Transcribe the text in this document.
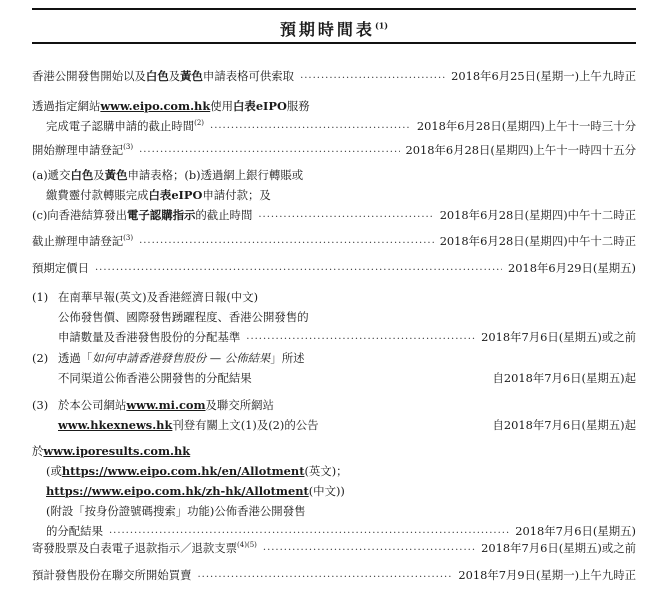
預期時間表$^{(1)}$
香港公開發售開始以及白色及黃色申請表格可供索取 .....	2018年6月25日(星期一)上午九時正
透過指定網站www.eipo.com.hk使用白表eIPO服務
完成電子認購申請的截止時間$^{(2)}$ .....	2018年6月28日(星期四)上午十一時三十分
開始辦理申請登記$^{(3)}$ .....	2018年6月28日(星期四)上午十一時四十五分
(a)遞交白色及黃色申請表格；(b)透過網上銀行轉賬或
繳費靈付款轉賬完成白表eIPO申請付款；及
(c)向香港結算發出電子認購指示的截止時間 .....	2018年6月28日(星期四)中午十二時正
截止辦理申請登記$^{(3)}$ .....	2018年6月28日(星期四)中午十二時正
預期定價日 .....	2018年6月29日(星期五)
(1) 在南華早報(英文)及香港經濟日報(中文)
公佈發售價、國際發售踴躍程度、香港公開發售的
申請數量及香港發售股份的分配基準 .....	2018年7月6日(星期五)或之前
(2) 透過「如何申請香港發售股份 — 公佈結果」所述
不同渠道公佈香港公開發售的分配結果	自2018年7月6日(星期五)起
(3) 於本公司網站www.mi.com及聯交所網站
www.hkexnews.hk刊登有關上文(1)及(2)的公告	自2018年7月6日(星期五)起
於www.iporesults.com.hk
(或https://www.eipo.com.hk/en/Allotment(英文)；
https://www.eipo.com.hk/zh-hk/Allotment(中文))
(附設「按身份證號碼搜索」功能)公佈香港公開發售
的分配結果 .....	2018年7月6日(星期五)
寄發股票及白表電子退款指示／退款支票$^{(4)(5)}$ .....	2018年7月6日(星期五)或之前
預計發售股份在聯交所開始買賣 .....	2018年7月9日(星期一)上午九時正
